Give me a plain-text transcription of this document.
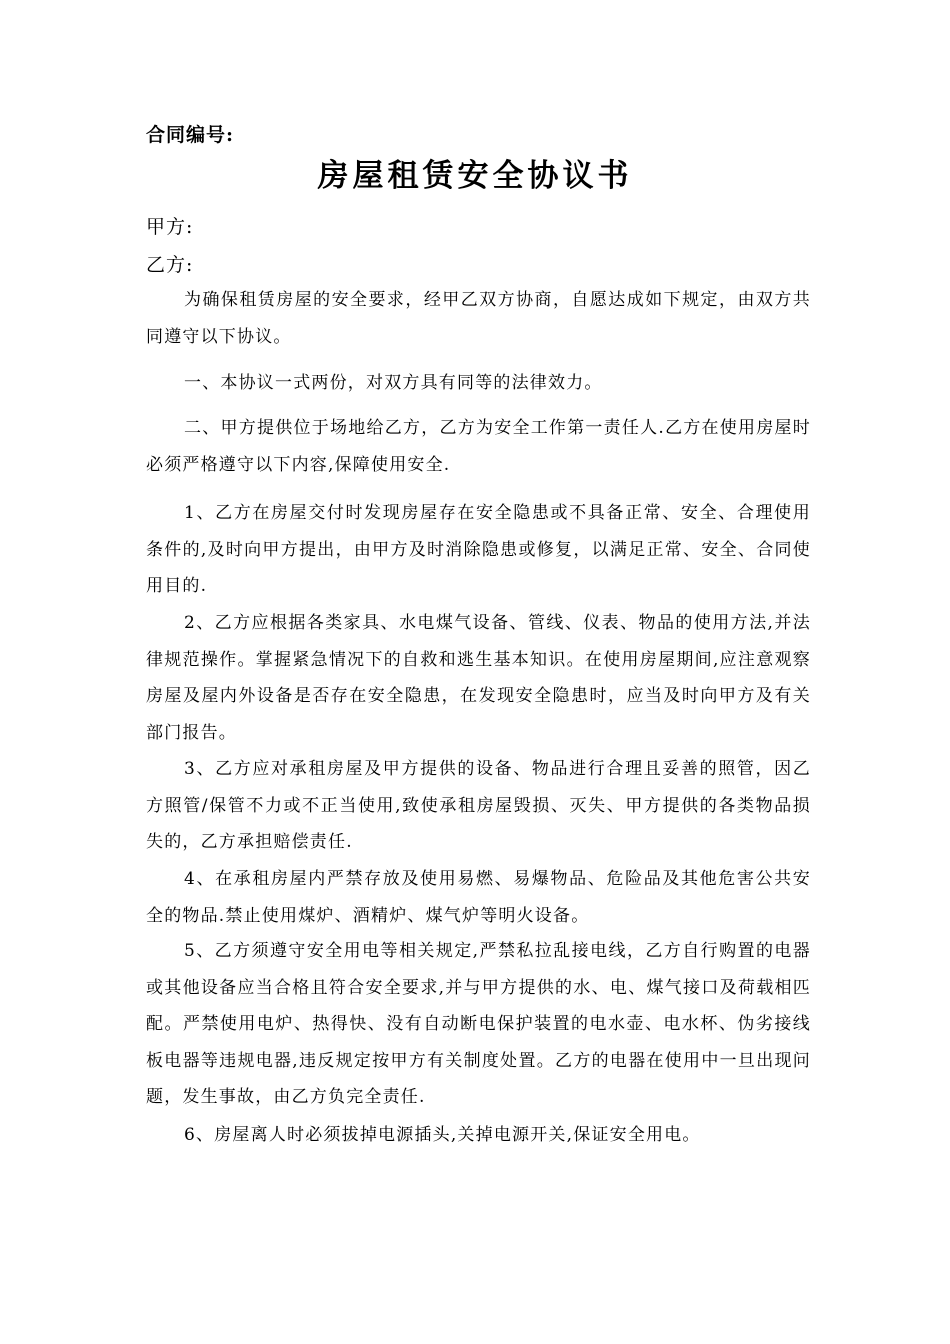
合同编号:
房屋租赁安全协议书
甲方:
乙方:

为确保租赁房屋的安全要求，经甲乙双方协商，自愿达成如下规定，由双方共同遵守以下协议。

一、本协议一式两份，对双方具有同等的法律效力。

二、甲方提供位于场地给乙方，乙方为安全工作第一责任人.乙方在使用房屋时必须严格遵守以下内容,保障使用安全.

1、乙方在房屋交付时发现房屋存在安全隐患或不具备正常、安全、合理使用条件的,及时向甲方提出，由甲方及时消除隐患或修复，以满足正常、安全、合同使用目的.

2、乙方应根据各类家具、水电煤气设备、管线、仪表、物品的使用方法,并法律规范操作。掌握紧急情况下的自救和逃生基本知识。在使用房屋期间,应注意观察房屋及屋内外设备是否存在安全隐患，在发现安全隐患时，应当及时向甲方及有关部门报告。

3、乙方应对承租房屋及甲方提供的设备、物品进行合理且妥善的照管，因乙方照管/保管不力或不正当使用,致使承租房屋毁损、灭失、甲方提供的各类物品损失的，乙方承担赔偿责任.

4、在承租房屋内严禁存放及使用易燃、易爆物品、危险品及其他危害公共安全的物品.禁止使用煤炉、酒精炉、煤气炉等明火设备。

5、乙方须遵守安全用电等相关规定,严禁私拉乱接电线，乙方自行购置的电器或其他设备应当合格且符合安全要求,并与甲方提供的水、电、煤气接口及荷载相匹配。严禁使用电炉、热得快、没有自动断电保护装置的电水壶、电水杯、伪劣接线板电器等违规电器,违反规定按甲方有关制度处置。乙方的电器在使用中一旦出现问题，发生事故，由乙方负完全责任.

6、房屋离人时必须拔掉电源插头,关掉电源开关,保证安全用电。
